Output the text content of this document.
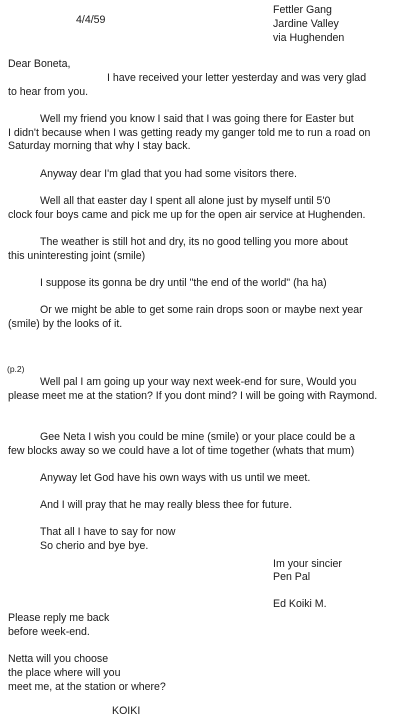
4/4/59
Fettler Gang
Jardine Valley
via Hughenden
Dear Boneta,
I have received your letter yesterday and was very glad
to hear from you.
Well my friend you know I said that I was going there for Easter but
I didn't because when I was getting ready my ganger told me to run a road on Saturday morning that why I stay back.
Anyway dear I'm glad that you had some visitors there.
Well all that easter day I spent all alone just by myself until 5'0
clock four boys came and pick me up for the open air service at Hughenden.
The weather is still hot and dry, its no good telling you more about
this uninteresting joint (smile)
I suppose its gonna be dry until "the end of the world" (ha ha)
Or we might be able to get some rain drops soon or maybe next year
(smile) by the looks of it.
(p.2)
Well pal I am going up your way next week-end for sure, Would you
please meet me at the station? If you dont mind? I will be going with Raymond.
Gee Neta I wish you could be mine (smile) or your place could be a
few blocks away so we could have a lot of time together (whats that mum)
Anyway let God have his own ways with us until we meet.
And I will pray that he may really bless thee for future.
That all I have to say for now
So cherio and bye bye.
Im your sincier
Pen Pal
Ed Koiki M.
Please reply me back
before week-end.
Netta will you choose
the place where will you
meet me, at the station or where?
KOIKI
